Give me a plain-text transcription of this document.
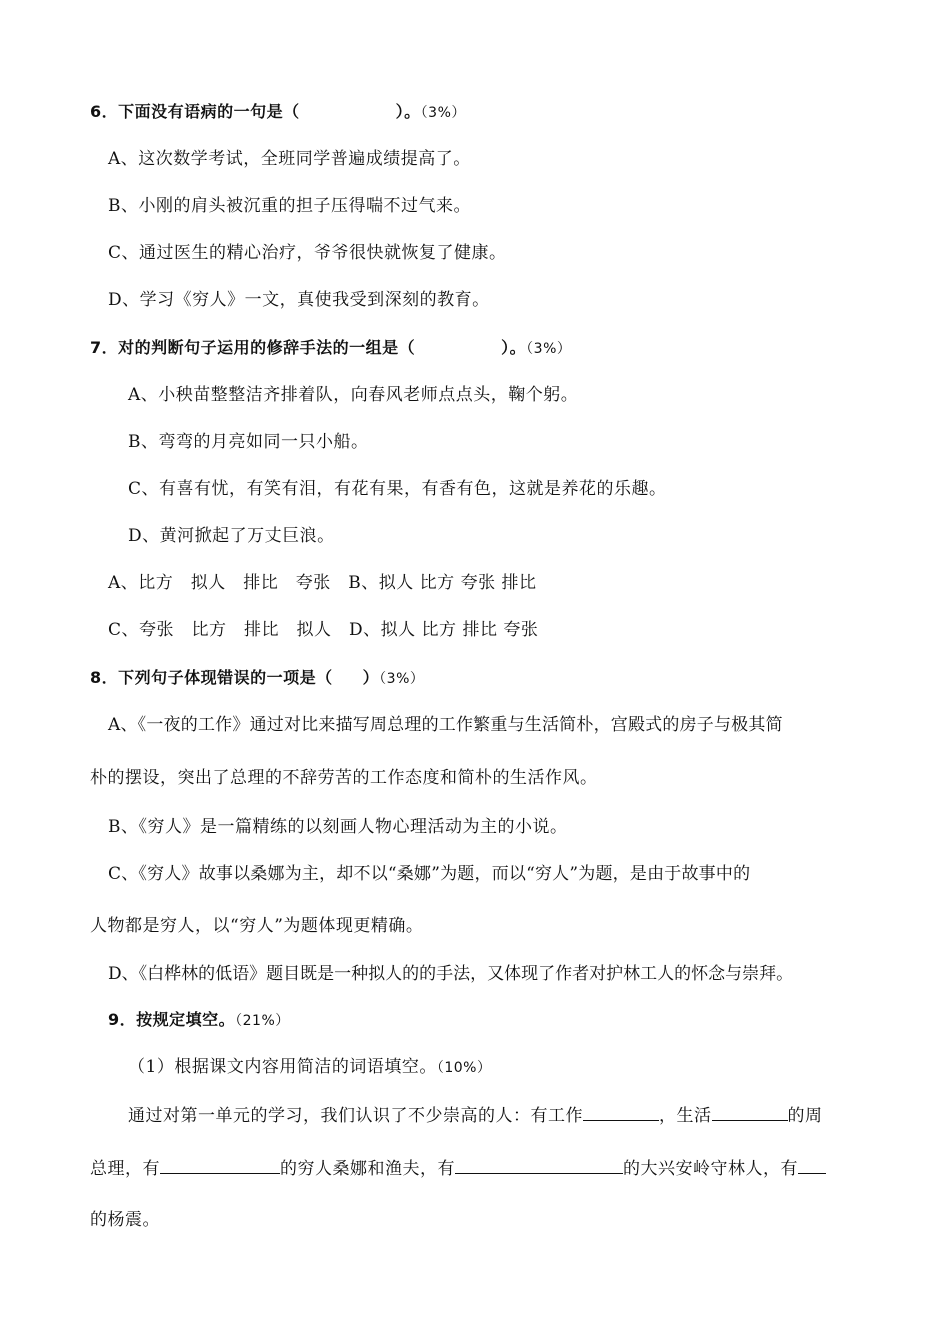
6．下面没有语病的一句是（	）。（3%）
A、这次数学考试，全班同学普遍成绩提高了。
B、小刚的肩头被沉重的担子压得喘不过气来。
C、通过医生的精心治疗，爷爷很快就恢复了健康。
D、学习《穷人》一文，真使我受到深刻的教育。
7．对的判断句子运用的修辞手法的一组是（	）。（3%）
A、小秧苗整整洁齐排着队，向春风老师点点头，鞠个躬。
B、弯弯的月亮如同一只小船。
C、有喜有忧，有笑有泪，有花有果，有香有色，这就是养花的乐趣。
D、黄河掀起了万丈巨浪。
A、比方　拟人　排比　夸张　B、拟人 比方 夸张 排比
C、夸张　比方　排比　拟人　D、拟人 比方 排比 夸张
8．下列句子体现错误的一项是（ ）（3%）
A、《一夜的工作》通过对比来描写周总理的工作繁重与生活简朴，宫殿式的房子与极其简
朴的摆设，突出了总理的不辞劳苦的工作态度和简朴的生活作风。
B、《穷人》是一篇精练的以刻画人物心理活动为主的小说。
C、《穷人》故事以桑娜为主，却不以“桑娜”为题，而以“穷人”为题，是由于故事中的
人物都是穷人，以“穷人”为题体现更精确。
D、《白桦林的低语》题目既是一种拟人的的手法，又体现了作者对护林工人的怀念与崇拜。
9．按规定填空。（21%）
（1）根据课文内容用简洁的词语填空。（10%）
通过对第一单元的学习，我们认识了不少崇高的人：有工作	，生活	的周
总理，有	的穷人桑娜和渔夫，有	的大兴安岭守林人，有
的杨震。
